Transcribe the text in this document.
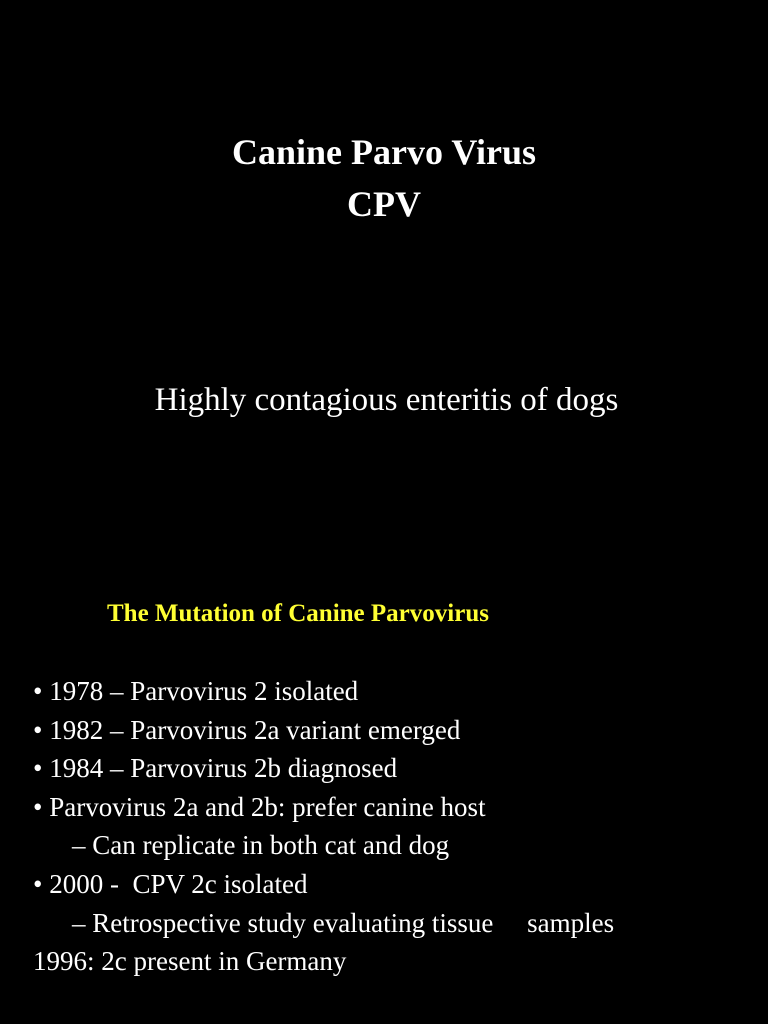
Canine Parvo Virus
CPV
Highly contagious enteritis of dogs
The Mutation of Canine Parvovirus
• 1978 – Parvovirus 2 isolated
• 1982 – Parvovirus 2a variant emerged
• 1984 – Parvovirus 2b diagnosed
• Parvovirus 2a and 2b: prefer canine host
– Can replicate in both cat and dog
• 2000 -  CPV 2c isolated
– Retrospective study evaluating tissue     samples
1996: 2c present in Germany
